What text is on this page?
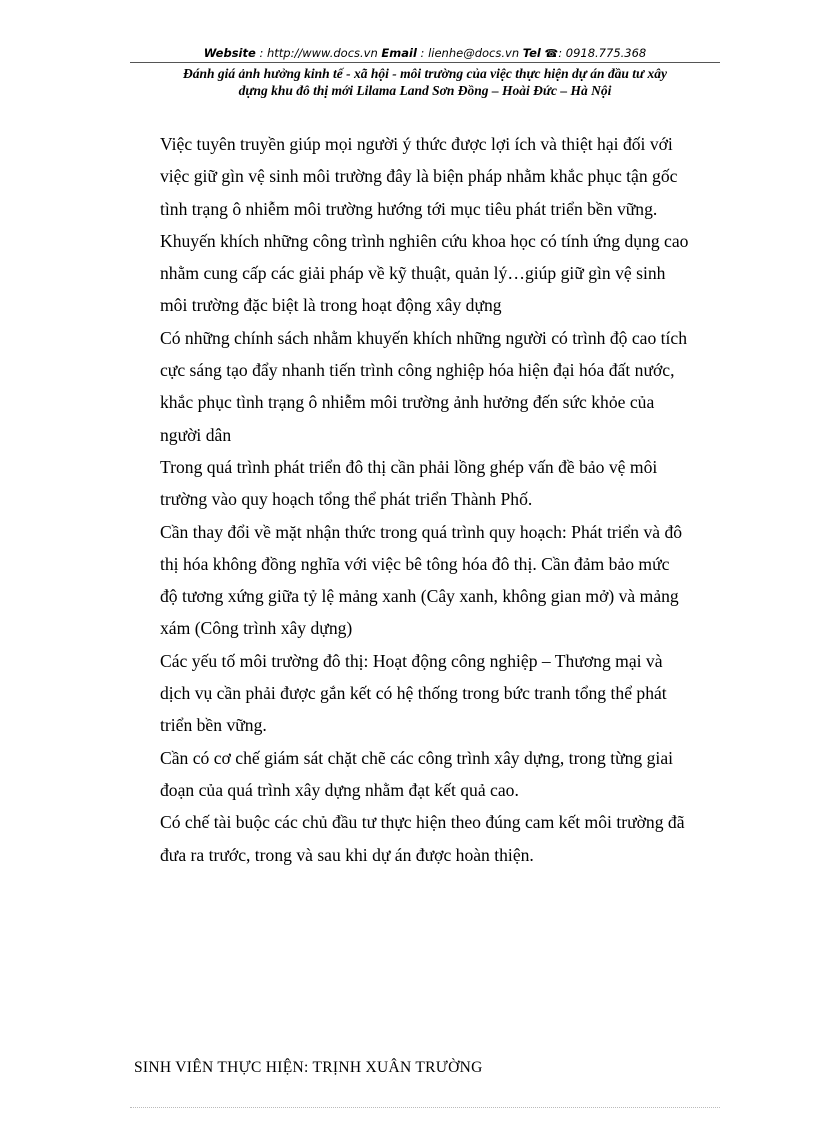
Website : http://www.docs.vn Email : lienhe@docs.vn Tel ☎: 0918.775.368
Đánh giá ảnh hưởng kinh tế - xã hội - môi trường của việc thực hiện dự án đầu tư xây
dựng khu đô thị mới Lilama Land Sơn Đồng – Hoài Đức – Hà Nội

Việc tuyên truyền giúp mọi người ý thức được lợi ích và thiệt hại đối với
việc giữ gìn vệ sinh môi trường đây là biện pháp nhằm khắc phục tận gốc
tình trạng ô nhiễm môi trường hướng tới mục tiêu phát triển bền vững.

Khuyến khích những công trình nghiên cứu khoa học có tính ứng dụng cao
nhằm cung cấp các giải pháp về kỹ thuật, quản lý…giúp giữ gìn vệ sinh
môi trường đặc biệt là trong hoạt động xây dựng

Có những chính sách nhằm khuyến khích những người có trình độ cao tích
cực sáng tạo đẩy nhanh tiến trình công nghiệp hóa hiện đại hóa đất nước,
khắc phục tình trạng ô nhiễm môi trường ảnh hưởng đến sức khỏe của
người dân

Trong quá trình phát triển đô thị cần phải lồng ghép vấn đề bảo vệ môi
trường vào quy hoạch tổng thể phát triển Thành Phố.

Cần thay đổi về mặt nhận thức trong quá trình quy hoạch: Phát triển và đô
thị hóa không đồng nghĩa với việc bê tông hóa đô thị. Cần đảm bảo mức
độ tương xứng giữa tỷ lệ mảng xanh (Cây xanh, không gian mở) và mảng
xám (Công trình xây dựng)

Các yếu tố môi trường đô thị: Hoạt động công nghiệp – Thương mại và
dịch vụ cần phải được gắn kết có hệ thống trong bức tranh tổng thể phát
triển bền vững.

Cần có cơ chế giám sát chặt chẽ các công trình xây dựng, trong từng giai
đoạn của quá trình xây dựng nhằm đạt kết quả cao.

Có chế tài buộc các chủ đầu tư thực hiện theo đúng cam kết môi trường đã
đưa ra trước, trong và sau khi dự án được hoàn thiện.

SINH VIÊN THỰC HIỆN: TRỊNH XUÂN TRƯỜNG
